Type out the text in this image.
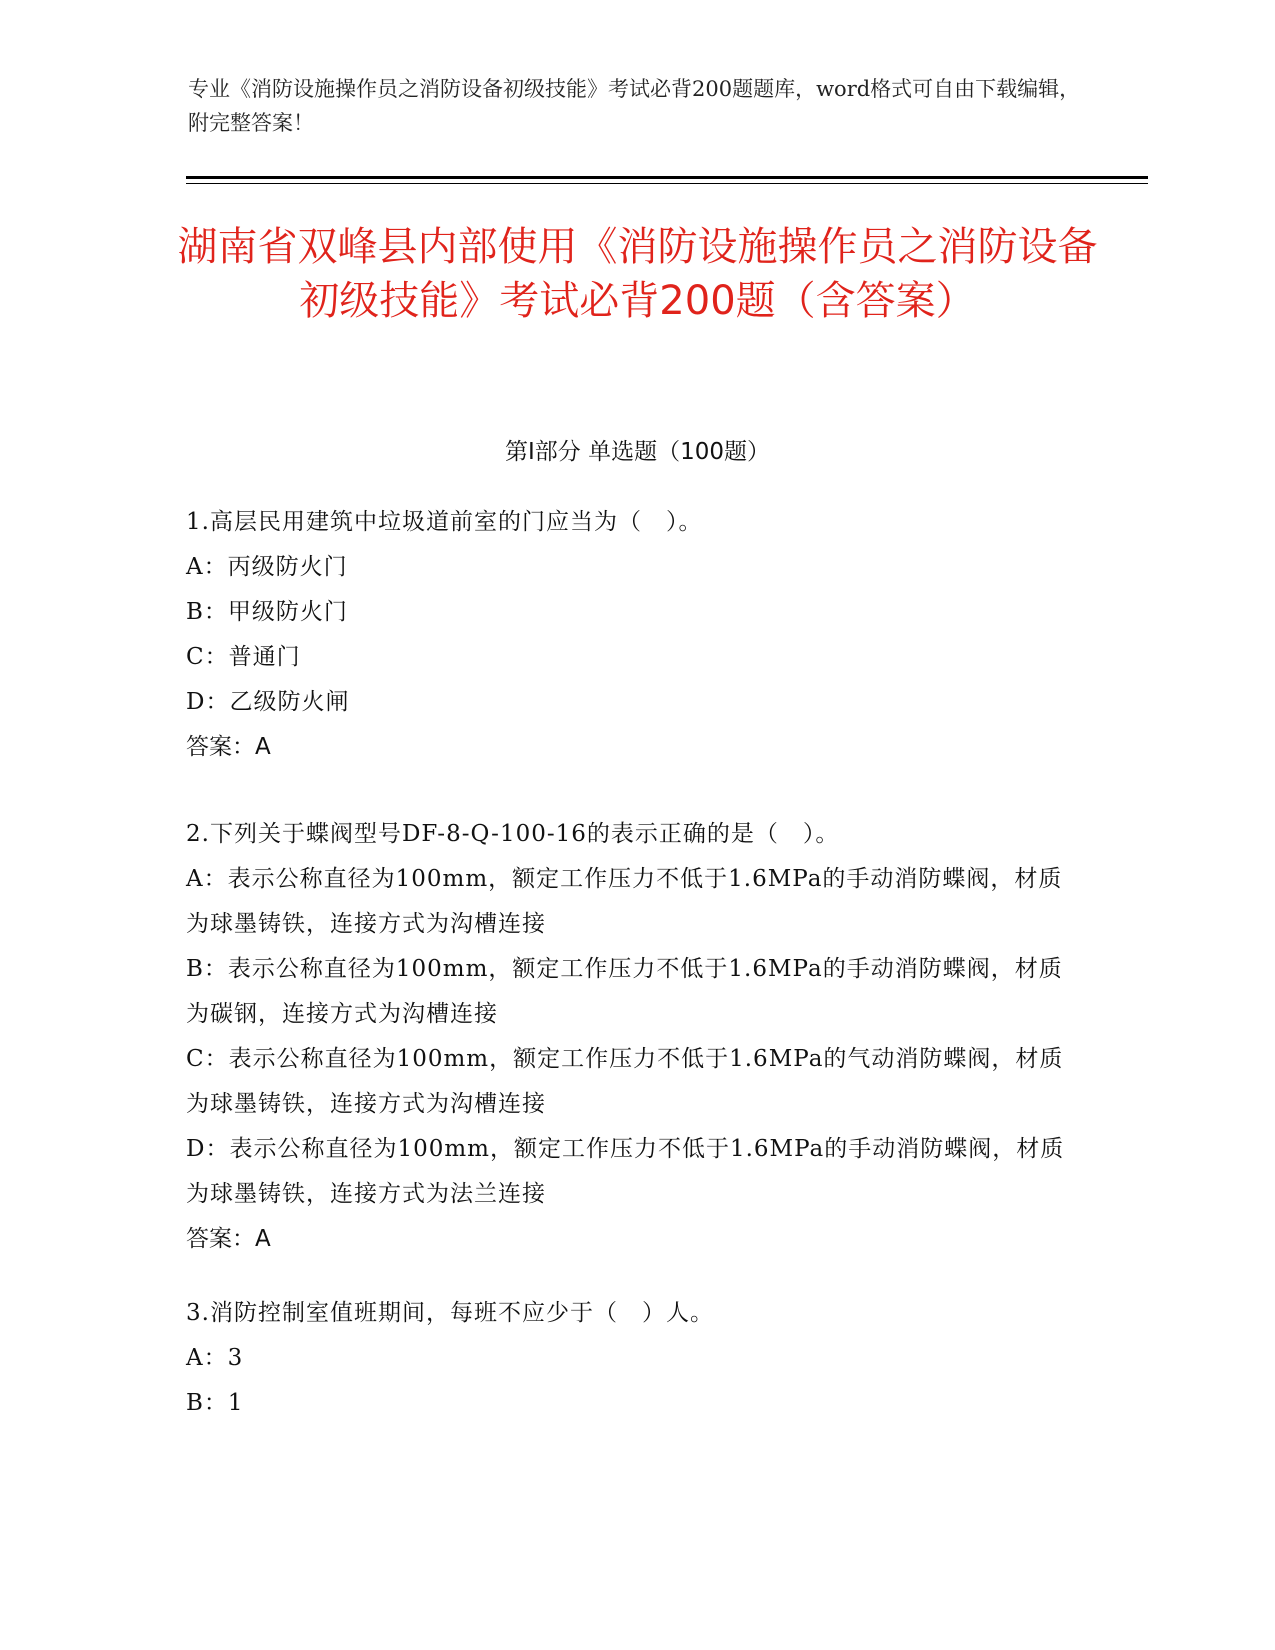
专业《消防设施操作员之消防设备初级技能》考试必背200题题库，word格式可自由下载编辑，附完整答案！
湖南省双峰县内部使用《消防设施操作员之消防设备初级技能》考试必背200题（含答案）
第I部分 单选题（100题）

1.高层民用建筑中垃圾道前室的门应当为（　）。

A：丙级防火门

B：甲级防火门

C：普通门

D：乙级防火闸

答案：A

2.下列关于蝶阀型号DF-8-Q-100-16的表示正确的是（　）。

A：表示公称直径为100mm，额定工作压力不低于1.6MPa的手动消防蝶阀，材质为球墨铸铁，连接方式为沟槽连接

B：表示公称直径为100mm，额定工作压力不低于1.6MPa的手动消防蝶阀，材质为碳钢，连接方式为沟槽连接

C：表示公称直径为100mm，额定工作压力不低于1.6MPa的气动消防蝶阀，材质为球墨铸铁，连接方式为沟槽连接

D：表示公称直径为100mm，额定工作压力不低于1.6MPa的手动消防蝶阀，材质为球墨铸铁，连接方式为法兰连接

答案：A

3.消防控制室值班期间，每班不应少于（　）人。

A：3

B：1
